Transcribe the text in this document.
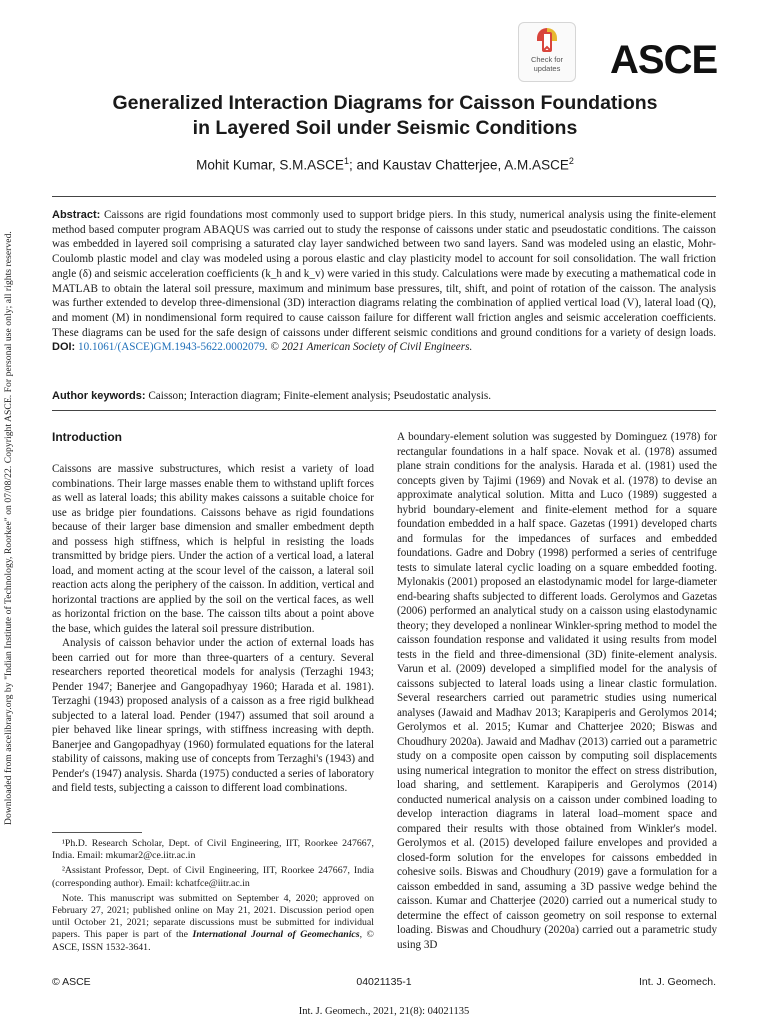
Downloaded from ascelibrary.org by "Indian Institute of Technology, Roorkee" on 07/08/22. Copyright ASCE. For personal use only; all rights reserved.
Check for updates	ASCE
Generalized Interaction Diagrams for Caisson Foundations
in Layered Soil under Seismic Conditions
Mohit Kumar, S.M.ASCE$^1$; and Kaustav Chatterjee, A.M.ASCE$^2$
Abstract: Caissons are rigid foundations most commonly used to support bridge piers. In this study, numerical analysis using the finite-element method based computer program ABAQUS was carried out to study the response of caissons under static and pseudostatic conditions. The caisson was embedded in layered soil comprising a saturated clay layer sandwiched between two sand layers. Sand was modeled using an elastic, Mohr-Coulomb plastic model and clay was modeled using a porous elastic and clay plasticity model to account for soil consolidation. The wall friction angle (δ) and seismic acceleration coefficients (k_h and k_v) were varied in this study. Calculations were made by executing a mathematical code in MATLAB to obtain the lateral soil pressure, maximum and minimum base pressures, tilt, shift, and point of rotation of the caisson. The analysis was further extended to develop three-dimensional (3D) interaction diagrams relating the combination of applied vertical load (V), lateral load (Q), and moment (M) in nondimensional form required to cause caisson failure for different wall friction angles and seismic acceleration coefficients. These diagrams can be used for the safe design of caissons under different seismic conditions and ground conditions for a variety of design loads. DOI: 10.1061/(ASCE)GM.1943-5622.0002079. © 2021 American Society of Civil Engineers.
Author keywords: Caisson; Interaction diagram; Finite-element analysis; Pseudostatic analysis.
Introduction

Caissons are massive substructures, which resist a variety of load combinations. Their large masses enable them to withstand uplift forces as well as lateral loads; this ability makes caissons a suitable choice for use as bridge pier foundations. Caissons behave as rigid foundations because of their larger base dimension and smaller embedment depth and possess high stiffness, which is helpful in resisting the loads transmitted by bridge piers. Under the action of a vertical load, a lateral load, and moment acting at the scour level of the caisson, a lateral soil reaction acts along the periphery of the caisson. In addition, vertical and horizontal tractions are applied by the soil on the vertical faces, as well as horizontal friction on the base. The caisson tilts about a point above the base, which guides the lateral soil pressure distribution.

Analysis of caisson behavior under the action of external loads has been carried out for more than three-quarters of a century. Several researchers reported theoretical models for analysis (Terzaghi 1943; Pender 1947; Banerjee and Gangopadhyay 1960; Harada et al. 1981). Terzaghi (1943) proposed analysis of a caisson as a free rigid bulkhead subjected to a lateral load. Pender (1947) assumed that soil around a pier behaved like linear springs, with stiffness increasing with depth. Banerjee and Gangopadhyay (1960) formulated equations for the lateral stability of caissons, making use of concepts from Terzaghi's (1943) and Pender's (1947) analysis. Sharda (1975) conducted a series of laboratory and field tests, subjecting a caisson to different load combinations.

¹Ph.D. Research Scholar, Dept. of Civil Engineering, IIT, Roorkee 247667, India. Email: mkumar2@ce.iitr.ac.in

²Assistant Professor, Dept. of Civil Engineering, IIT, Roorkee 247667, India (corresponding author). Email: kchatfce@iitr.ac.in

Note. This manuscript was submitted on September 4, 2020; approved on February 27, 2021; published online on May 21, 2021. Discussion period open until October 21, 2021; separate discussions must be submitted for individual papers. This paper is part of the International Journal of Geomechanics, © ASCE, ISSN 1532-3641.

A boundary-element solution was suggested by Dominguez (1978) for rectangular foundations in a half space. Novak et al. (1978) assumed plane strain conditions for the analysis. Harada et al. (1981) used the concepts given by Tajimi (1969) and Novak et al. (1978) to devise an approximate analytical solution. Mitta and Luco (1989) suggested a hybrid boundary-element and finite-element method for a square foundation embedded in a half space. Gazetas (1991) developed charts and formulas for the impedances of surfaces and embedded foundations. Gadre and Dobry (1998) performed a series of centrifuge tests to simulate lateral cyclic loading on a square embedded footing. Mylonakis (2001) proposed an elastodynamic model for large-diameter end-bearing shafts subjected to different loads. Gerolymos and Gazetas (2006) performed an analytical study on a caisson using elastodynamic theory; they developed a nonlinear Winkler-spring method to model the caisson foundation response and validated it using results from model tests in the field and three-dimensional (3D) finite-element analysis. Varun et al. (2009) developed a simplified model for the analysis of caissons subjected to lateral loads using a linear clastic formulation. Several researchers carried out parametric studies using numerical analyses (Jawaid and Madhav 2013; Karapiperis and Gerolymos 2014; Gerolymos et al. 2015; Kumar and Chatterjee 2020; Biswas and Choudhury 2020a). Jawaid and Madhav (2013) carried out a parametric study on a composite open caisson by computing soil displacements using numerical integration to monitor the effect on stress distribution, load sharing, and settlement. Karapiperis and Gerolymos (2014) conducted numerical analysis on a caisson under combined loading to develop interaction diagrams in lateral load–moment space and compared their results with those obtained from Winkler's model. Gerolymos et al. (2015) developed failure envelopes and provided a closed-form solution for the envelopes for caissons embedded in cohesive soils. Biswas and Choudhury (2019) gave a formulation for a caisson embedded in sand, assuming a 3D passive wedge behind the caisson. Kumar and Chatterjee (2020) carried out a numerical study to determine the effect of caisson geometry on soil response to external loading. Biswas and Choudhury (2020a) carried out a parametric study using 3D

© ASCE	04021135-1	Int. J. Geomech.
Int. J. Geomech., 2021, 21(8): 04021135
